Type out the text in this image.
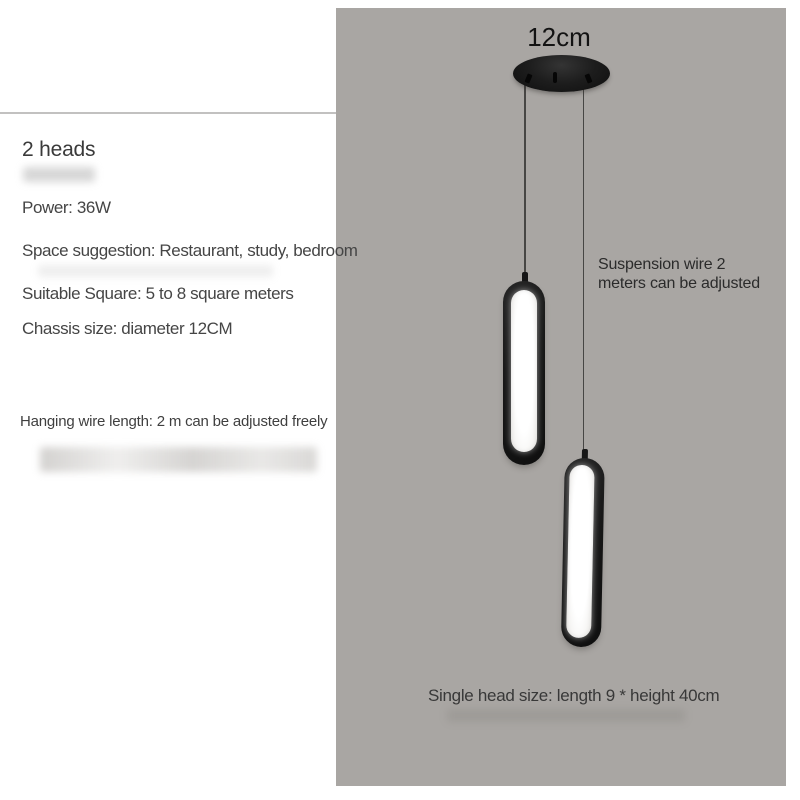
2 heads
Power: 36W
Space suggestion: Restaurant, study, bedroom
Suitable Square: 5 to 8 square meters
Chassis size: diameter 12CM
Hanging wire length: 2 m can be adjusted freely
12cm
Suspension wire 2
meters can be adjusted
Single head size: length 9 * height 40cm
